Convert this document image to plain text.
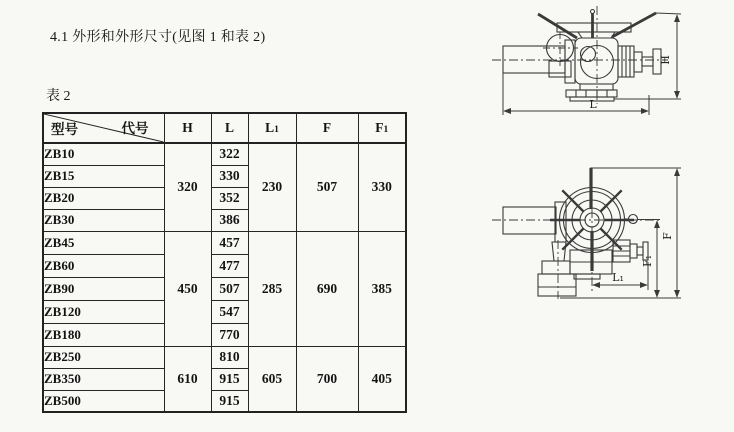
4.1 外形和外形尺寸(见图 1 和表 2)
表 2
型号 代号	H	L	L1	F	F1
ZB10	320	322	230	507	330
ZB15		330			
ZB20		352			
ZB30		386			
ZB45	450	457	285	690	385
ZB60		477			
ZB90		507			
ZB120		547			
ZB180		770			
ZB250	610	810	605	700	405
ZB350		915			
ZB500		915			
L
H
L₁
F₁
F
